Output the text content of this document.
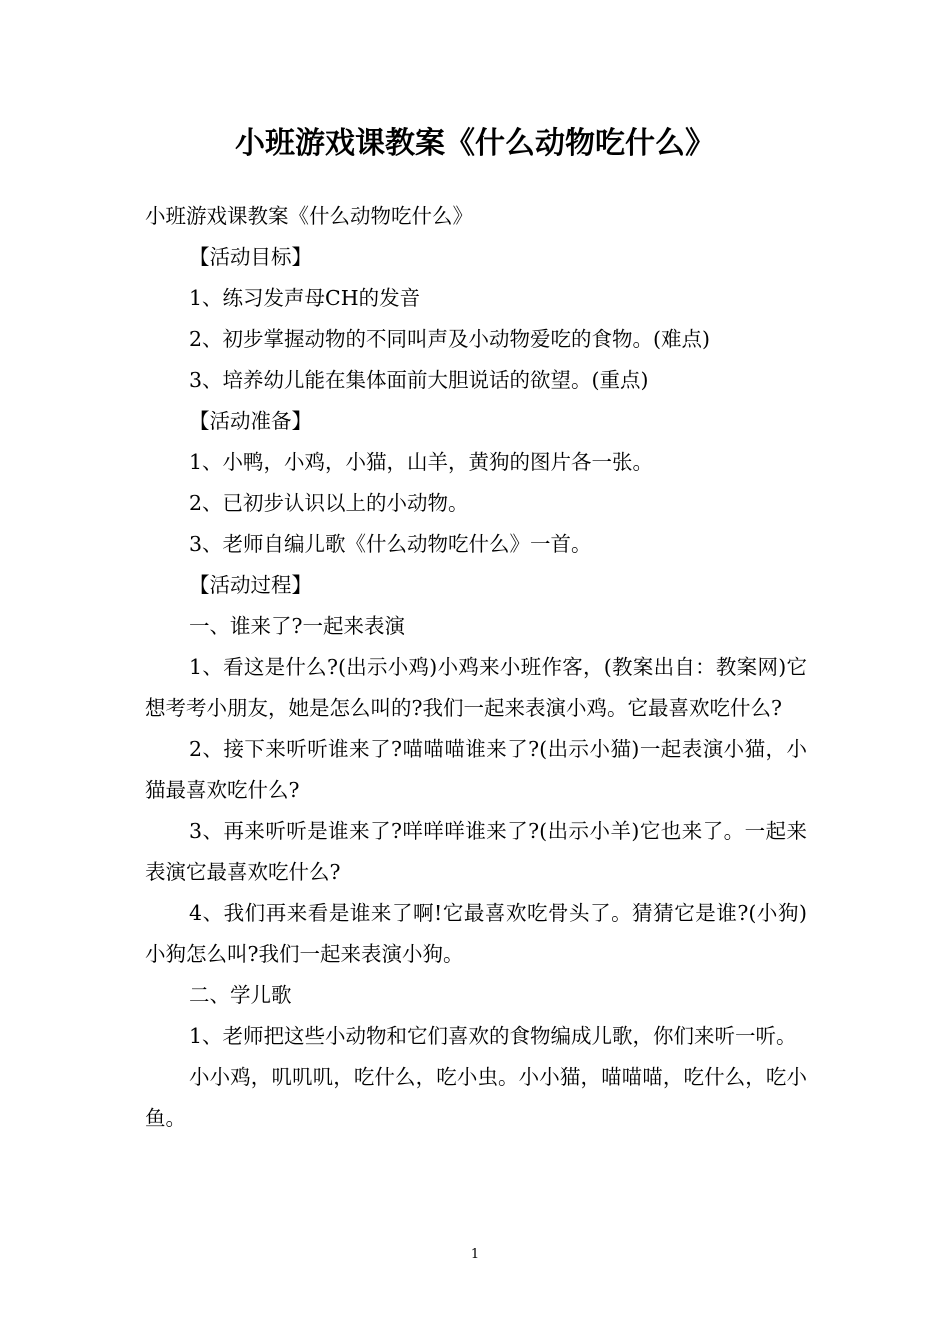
小班游戏课教案《什么动物吃什么》

小班游戏课教案《什么动物吃什么》

【活动目标】

1、练习发声母CH的发音

2、初步掌握动物的不同叫声及小动物爱吃的食物。(难点)

3、培养幼儿能在集体面前大胆说话的欲望。(重点)

【活动准备】

1、小鸭，小鸡，小猫，山羊，黄狗的图片各一张。

2、已初步认识以上的小动物。

3、老师自编儿歌《什么动物吃什么》一首。

【活动过程】

一、谁来了?一起来表演

1、看这是什么?(出示小鸡)小鸡来小班作客，(教案出自：教案网)它想考考小朋友，她是怎么叫的?我们一起来表演小鸡。它最喜欢吃什么?

2、接下来听听谁来了?喵喵喵谁来了?(出示小猫)一起表演小猫，小猫最喜欢吃什么?

3、再来听听是谁来了?咩咩咩谁来了?(出示小羊)它也来了。一起来表演它最喜欢吃什么?

4、我们再来看是谁来了啊!它最喜欢吃骨头了。猜猜它是谁?(小狗)小狗怎么叫?我们一起来表演小狗。

二、学儿歌

1、老师把这些小动物和它们喜欢的食物编成儿歌，你们来听一听。

小小鸡，叽叽叽，吃什么，吃小虫。小小猫，喵喵喵，吃什么，吃小鱼。

1
